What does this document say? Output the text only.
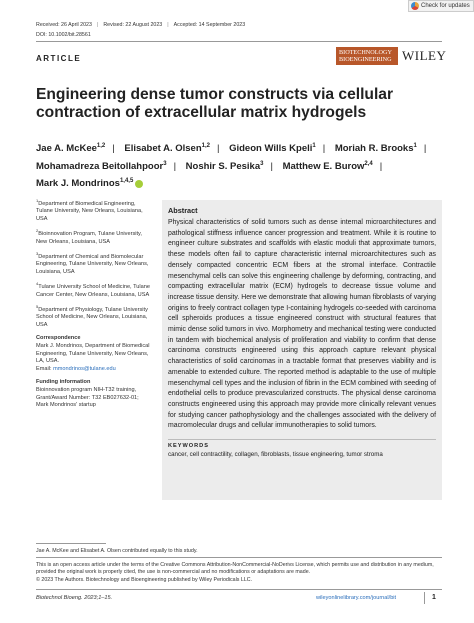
Check for updates
Received: 26 April 2023 | Revised: 22 August 2023 | Accepted: 14 September 2023
DOI: 10.1002/bit.28561
ARTICLE
BIOTECHNOLOGY
BIOENGINEERING WILEY
Engineering dense tumor constructs via cellular contraction of extracellular matrix hydrogels
Jae A. McKee$^{1,2}$ | Elisabet A. Olsen$^{1,2}$ | Gideon Wills Kpeli$^1$ | Moriah R. Brooks$^1$ |
Mohamadreza Beitollahpoor$^3$ | Noshir S. Pesika$^3$ | Matthew E. Burow$^{2,4}$ |
Mark J. Mondrinos$^{1,4,5}$

$^1$Department of Biomedical Engineering, Tulane University, New Orleans, Louisiana, USA

$^2$Bioinnovation Program, Tulane University, New Orleans, Louisiana, USA

$^3$Department of Chemical and Biomolecular Engineering, Tulane University, New Orleans, Louisiana, USA

$^4$Tulane University School of Medicine, Tulane Cancer Center, New Orleans, Louisiana, USA

$^5$Department of Physiology, Tulane University School of Medicine, New Orleans, Louisiana, USA

Correspondence

Mark J. Mondrinos, Department of Biomedical Engineering, Tulane University, New Orleans, LA, USA.
Email: mmondrinos@tulane.edu

Funding information

Bioinnovation program NIH-T32 training, Grant/Award Number: T32 EB027632-01; Mark Mondrinos' startup

Abstract
Physical characteristics of solid tumors such as dense internal microarchitectures and pathological stiffness influence cancer progression and treatment. While it is routine to engineer culture substrates and scaffolds with elastic moduli that approximate tumors, these models often fail to capture characteristic internal microarchitectures such as densely compacted concentric ECM fibers at the stromal interface. Contractile mesenchymal cells can solve this engineering challenge by deforming, contracting, and compacting extracellular matrix (ECM) hydrogels to decrease tissue volume and increase tissue density. Here we demonstrate that allowing human fibroblasts of varying origins to freely contract collagen type I-containing hydrogels co-seeded with carcinoma cell spheroids produces a tissue engineered construct with structural features that mimic dense solid tumors in vivo. Morphometry and mechanical testing were conducted in tandem with biochemical analysis of proliferation and viability to confirm that dense carcinoma constructs engineered using this approach capture relevant physical characteristics of solid carcinomas in a tractable format that preserves viability and is amenable to extended culture. The reported method is adaptable to the use of multiple mesenchymal cell types and the inclusion of fibrin in the ECM combined with seeding of endothelial cells to produce prevascularized constructs. The physical dense carcinoma constructs engineered using this approach may provide more clinically relevant venues for studying cancer pathophysiology and the challenges associated with the delivery of macromolecular drugs and cellular immunotherapies to solid tumors.
KEYWORDS
cancer, cell contractility, collagen, fibroblasts, tissue engineering, tumor stroma
Jae A. McKee and Elisabet A. Olsen contributed equally to this study.
This is an open access article under the terms of the Creative Commons Attribution-NonCommercial-NoDerivs License, which permits use and distribution in any medium, provided the original work is properly cited, the use is non-commercial and no modifications or adaptations are made.
© 2023 The Authors. Biotechnology and Bioengineering published by Wiley Periodicals LLC.
Biotechnol Bioeng. 2023;1–15.	wileyonlinelibrary.com/journal/bit	1
